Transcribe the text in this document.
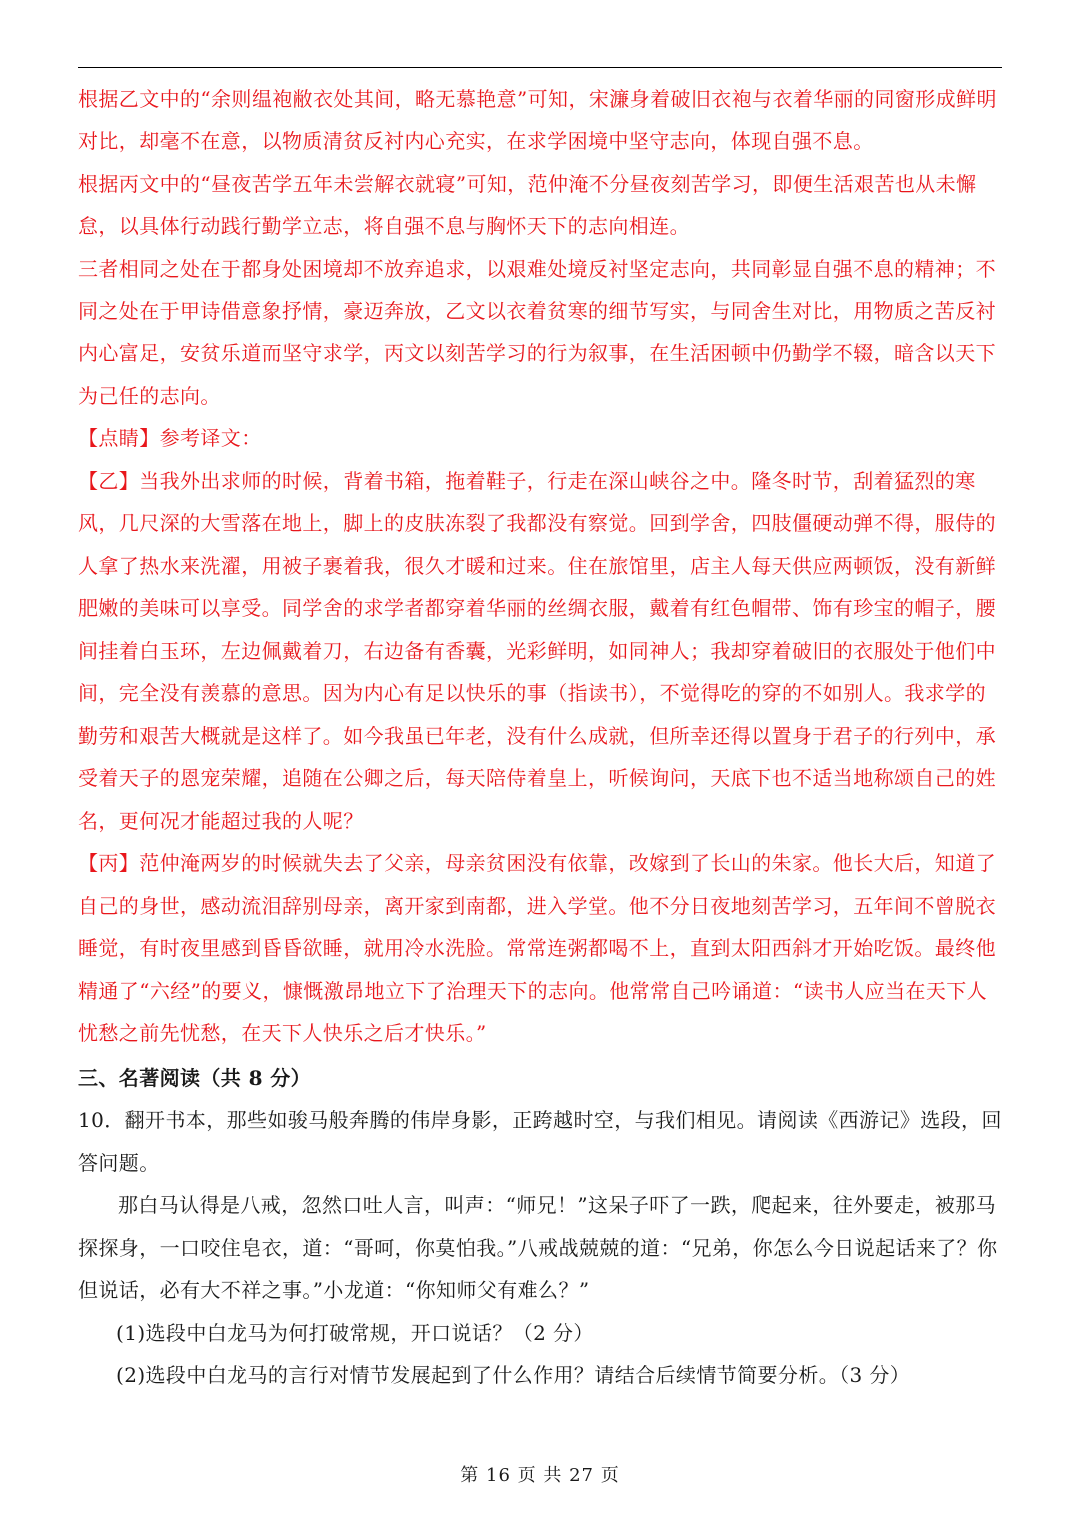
根据乙文中的“余则缊袍敝衣处其间，略无慕艳意”可知，宋濂身着破旧衣袍与衣着华丽的同窗形成鲜明对比，却毫不在意，以物质清贫反衬内心充实，在求学困境中坚守志向，体现自强不息。

根据丙文中的“昼夜苦学五年未尝解衣就寝”可知，范仲淹不分昼夜刻苦学习，即便生活艰苦也从未懈怠，以具体行动践行勤学立志，将自强不息与胸怀天下的志向相连。

三者相同之处在于都身处困境却不放弃追求，以艰难处境反衬坚定志向，共同彰显自强不息的精神；不同之处在于甲诗借意象抒情，豪迈奔放，乙文以衣着贫寒的细节写实，与同舍生对比，用物质之苦反衬内心富足，安贫乐道而坚守求学，丙文以刻苦学习的行为叙事，在生活困顿中仍勤学不辍，暗含以天下为己任的志向。

【点睛】参考译文：

【乙】当我外出求师的时候，背着书箱，拖着鞋子，行走在深山峡谷之中。隆冬时节，刮着猛烈的寒风，几尺深的大雪落在地上，脚上的皮肤冻裂了我都没有察觉。回到学舍，四肢僵硬动弹不得，服侍的人拿了热水来洗濯，用被子裹着我，很久才暖和过来。住在旅馆里，店主人每天供应两顿饭，没有新鲜肥嫩的美味可以享受。同学舍的求学者都穿着华丽的丝绸衣服，戴着有红色帽带、饰有珍宝的帽子，腰间挂着白玉环，左边佩戴着刀，右边备有香囊，光彩鲜明，如同神人；我却穿着破旧的衣服处于他们中间，完全没有羡慕的意思。因为内心有足以快乐的事（指读书），不觉得吃的穿的不如别人。我求学的勤劳和艰苦大概就是这样了。如今我虽已年老，没有什么成就，但所幸还得以置身于君子的行列中，承受着天子的恩宠荣耀，追随在公卿之后，每天陪侍着皇上，听候询问，天底下也不适当地称颂自己的姓名，更何况才能超过我的人呢？

【丙】范仲淹两岁的时候就失去了父亲，母亲贫困没有依靠，改嫁到了长山的朱家。他长大后，知道了自己的身世，感动流泪辞别母亲，离开家到南都，进入学堂。他不分日夜地刻苦学习，五年间不曾脱衣睡觉，有时夜里感到昏昏欲睡，就用冷水洗脸。常常连粥都喝不上，直到太阳西斜才开始吃饭。最终他精通了“六经”的要义，慷慨激昂地立下了治理天下的志向。他常常自己吟诵道：“读书人应当在天下人忧愁之前先忧愁，在天下人快乐之后才快乐。”

三、名著阅读（共 8 分）

10．翻开书本，那些如骏马般奔腾的伟岸身影，正跨越时空，与我们相见。请阅读《西游记》选段，回答问题。

那白马认得是八戒，忽然口吐人言，叫声：“师兄！”这呆子吓了一跌，爬起来，往外要走，被那马探探身，一口咬住皂衣，道：“哥呵，你莫怕我。”八戒战兢兢的道：“兄弟，你怎么今日说起话来了？你但说话，必有大不祥之事。”小龙道：“你知师父有难么？”

(1)选段中白龙马为何打破常规，开口说话？（2 分）

(2)选段中白龙马的言行对情节发展起到了什么作用？请结合后续情节简要分析。（3 分）

第 16 页 共 27 页
